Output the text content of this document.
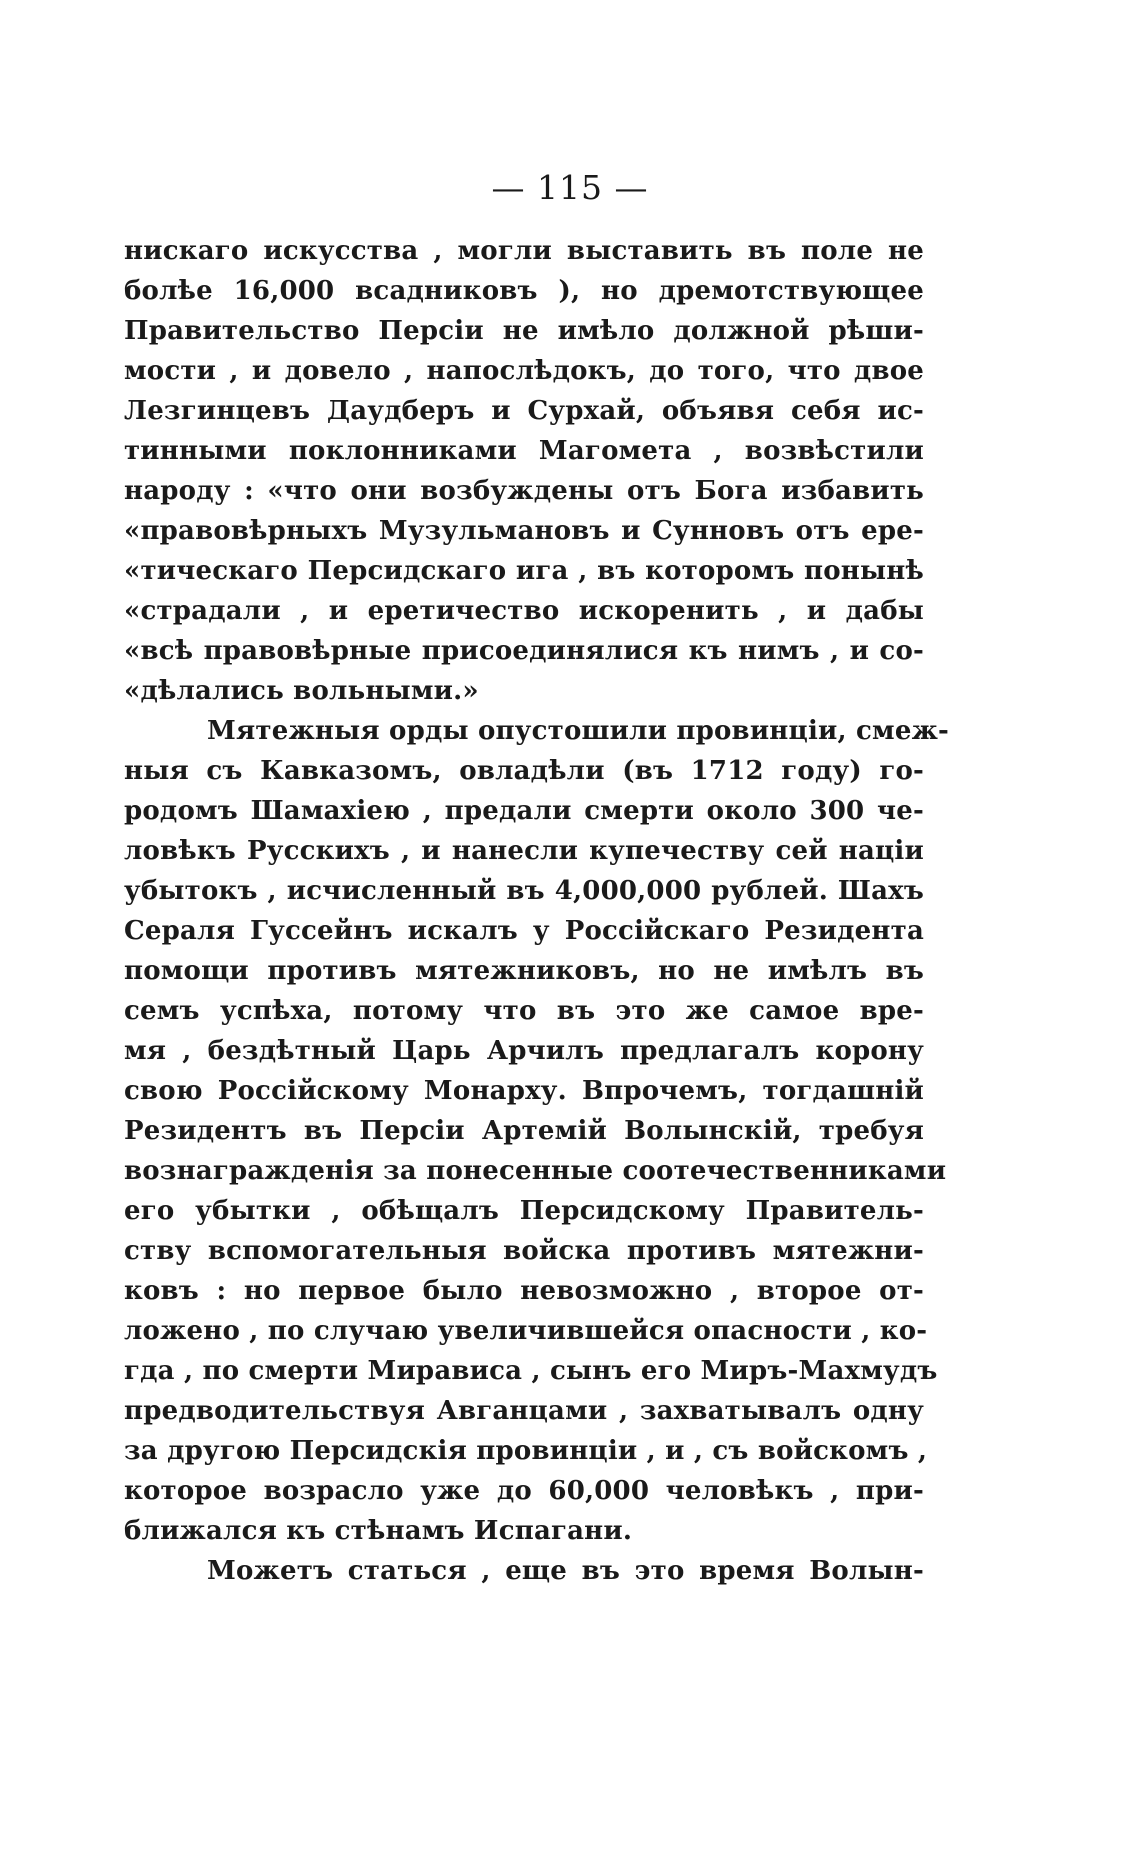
— 115 —
нискаго искусства , могли выставить въ поле не
болѣе 16,000 всадниковъ ), но дремотствующее
Правительство Персiи не имѣло должной рѣши-
мости , и довело , напослѣдокъ, до того, что двое
Лезгинцевъ Даудберъ и Сурхай, объявя себя ис-
тинными поклонниками Магомета , возвѣстили
народу : «что они возбуждены отъ Бога избавить
«правовѣрныхъ Музульмановъ и Сунновъ отъ ере-
«тическаго Персидскаго ига , въ которомъ понынѣ
«страдали , и еретичество искоренить , и дабы
«всѣ правовѣрные присоединялися къ нимъ , и со-
«дѣлались вольными.»
Мятежныя орды опустошили провинцiи, смеж-
ныя съ Кавказомъ, овладѣли (въ 1712 году) го-
родомъ Шамахiею , предали смерти около 300 че-
ловѣкъ Русскихъ , и нанесли купечеству сей нацiи
убытокъ , исчисленный въ 4,000,000 рублей. Шахъ
Сераля Гуссейнъ искалъ у Россiйскаго Резидента
помощи противъ мятежниковъ, но не имѣлъ въ
семъ успѣха, потому что въ это же самое вре-
мя , бездѣтный Царь Арчилъ предлагалъ корону
свою Россiйскому Монарху. Впрочемъ, тогдашнiй
Резидентъ въ Персiи Артемiй Волынскiй, требуя
вознагражденiя за понесенные соотечественниками
его убытки , обѣщалъ Персидскому Правитель-
ству вспомогательныя войска противъ мятежни-
ковъ : но первое было невозможно , второе от-
ложено , по случаю увеличившейся опасности , ко-
гда , по смерти Мирависа , сынъ его Миръ-Махмудъ
предводительствуя Авганцами , захватывалъ одну
за другою Персидскiя провинцiи , и , съ войскомъ ,
которое возрасло уже до 60,000 человѣкъ , при-
ближался къ стѣнамъ Испагани.
Можетъ статься , еще въ это время Волын-
